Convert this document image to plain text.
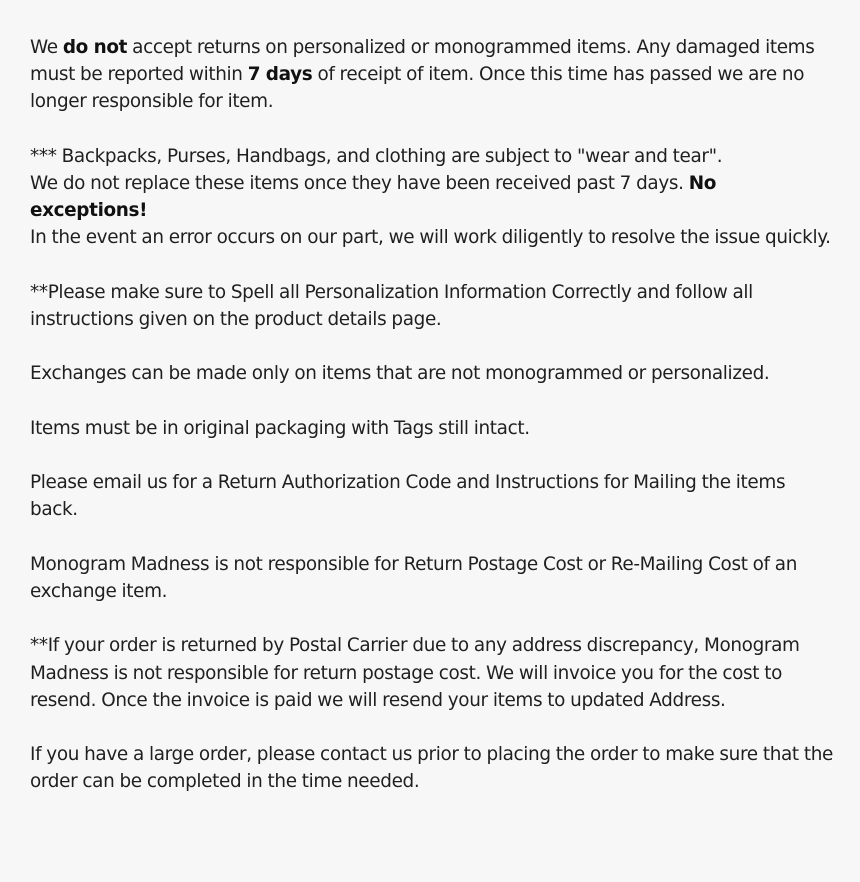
We do not accept returns on personalized or monogrammed items. Any damaged items must be reported within 7 days of receipt of item. Once this time has passed we are no longer responsible for item.

*** Backpacks, Purses, Handbags, and clothing are subject to "wear and tear".
We do not replace these items once they have been received past 7 days. No exceptions!
In the event an error occurs on our part, we will work diligently to resolve the issue quickly.

**Please make sure to Spell all Personalization Information Correctly and follow all instructions given on the product details page.

Exchanges can be made only on items that are not monogrammed or personalized.

Items must be in original packaging with Tags still intact.

Please email us for a Return Authorization Code and Instructions for Mailing the items back.

Monogram Madness is not responsible for Return Postage Cost or Re-Mailing Cost of an exchange item.

**If your order is returned by Postal Carrier due to any address discrepancy, Monogram Madness is not responsible for return postage cost. We will invoice you for the cost to resend. Once the invoice is paid we will resend your items to updated Address.

If you have a large order, please contact us prior to placing the order to make sure that the order can be completed in the time needed.
